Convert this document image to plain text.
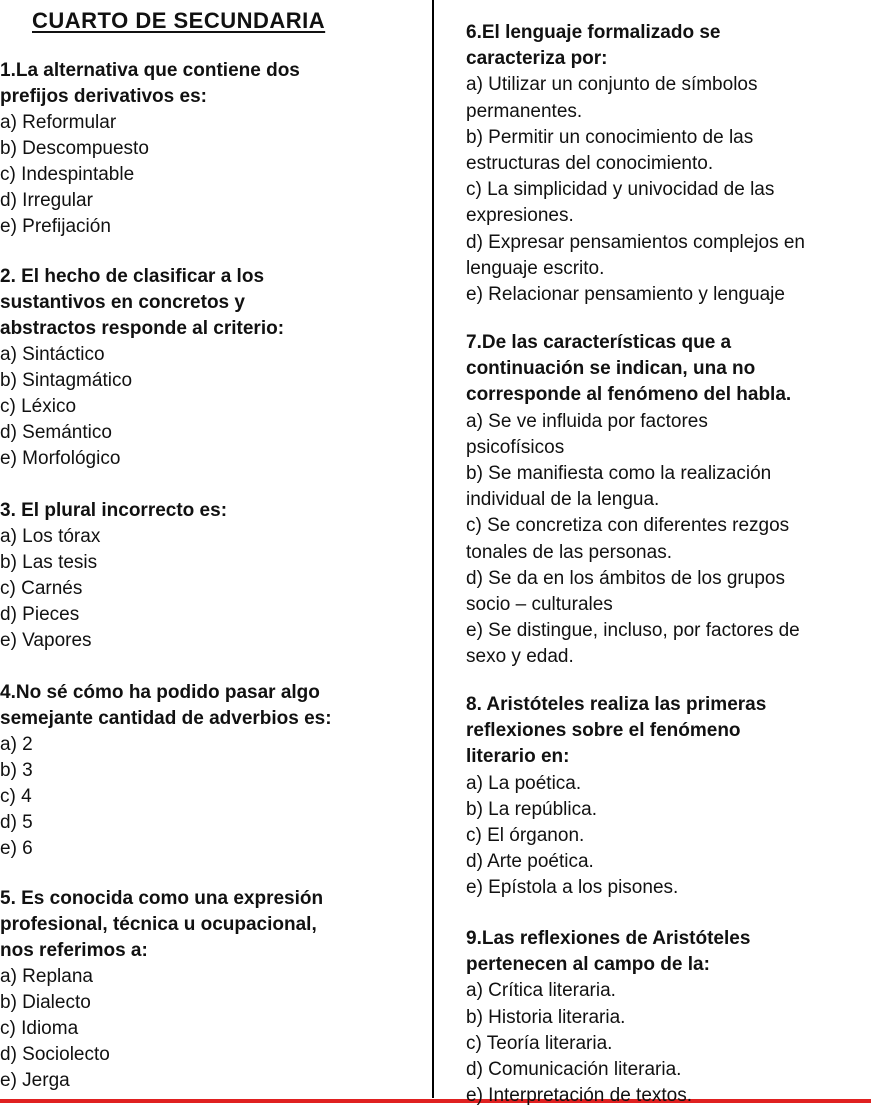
CUARTO DE SECUNDARIA
1.La alternativa que contiene dos
prefijos derivativos es:
a) Reformular
b) Descompuesto
c) Indespintable
d) Irregular
e) Prefijación
2. El hecho de clasificar a los
sustantivos en concretos y
abstractos responde al criterio:
a) Sintáctico
b) Sintagmático
c) Léxico
d) Semántico
e) Morfológico
3. El plural incorrecto es:
a) Los tórax
b) Las tesis
c) Carnés
d) Pieces
e) Vapores
4.No sé cómo ha podido pasar algo
semejante cantidad de adverbios es:
a) 2
b) 3
c) 4
d) 5
e) 6
5. Es conocida como una expresión
profesional, técnica u ocupacional,
nos referimos a:
a) Replana
b) Dialecto
c) Idioma
d) Sociolecto
e) Jerga
6.El lenguaje formalizado se
caracteriza por:
a) Utilizar un conjunto de símbolos
permanentes.
b) Permitir un conocimiento de las
estructuras del conocimiento.
c) La simplicidad y univocidad de las
expresiones.
d) Expresar pensamientos complejos en
lenguaje escrito.
e) Relacionar pensamiento y lenguaje
7.De las características que a
continuación se indican, una no
corresponde al fenómeno del habla.
a) Se ve influida por factores
psicofísicos
b) Se manifiesta como la realización
individual de la lengua.
c) Se concretiza con diferentes rezgos
tonales de las personas.
d) Se da en los ámbitos de los grupos
socio – culturales
e) Se distingue, incluso, por factores de
sexo y edad.
8. Aristóteles realiza las primeras
reflexiones sobre el fenómeno
literario en:
a) La poética.
b) La república.
c) El órganon.
d) Arte poética.
e) Epístola a los pisones.
9.Las reflexiones de Aristóteles
pertenecen al campo de la:
a) Crítica literaria.
b) Historia literaria.
c) Teoría literaria.
d) Comunicación literaria.
e) Interpretación de textos.
